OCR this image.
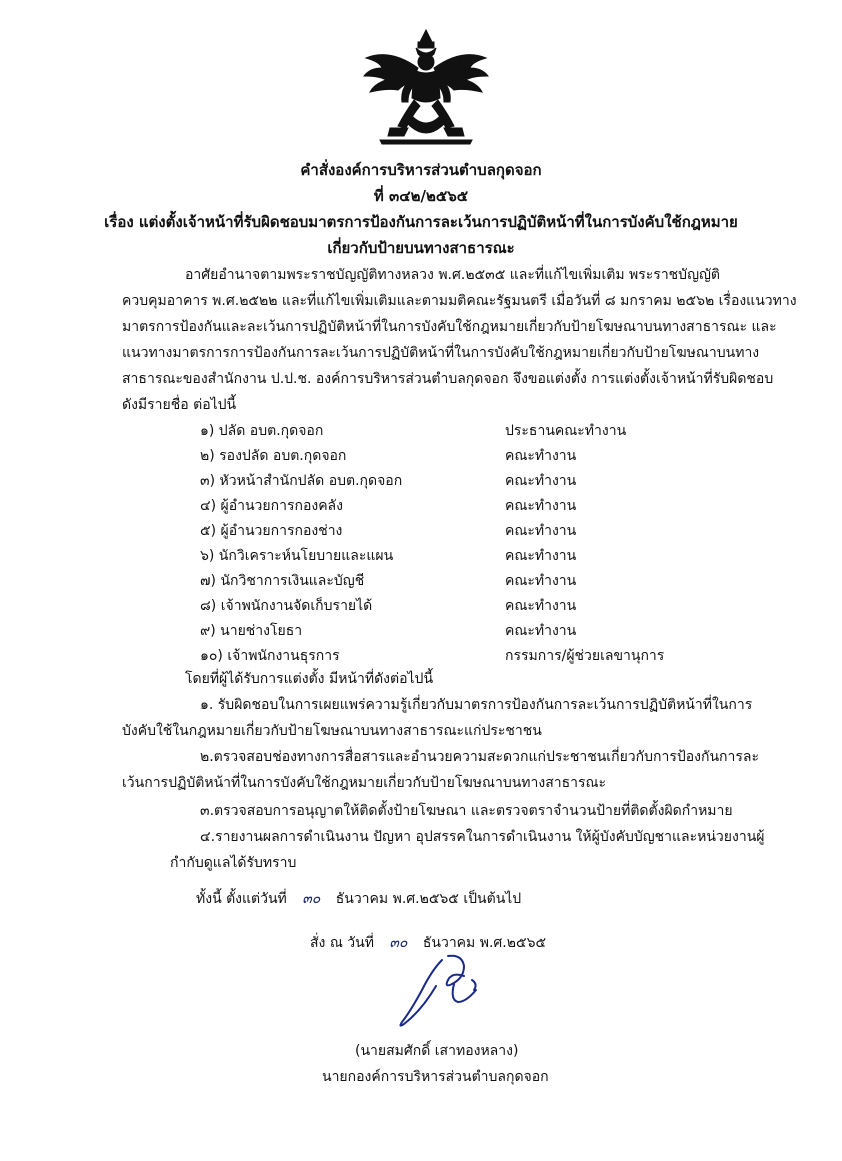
คำสั่งองค์การบริหารส่วนตำบลกุดจอก
ที่ ๓๔๒/๒๕๖๕
เรื่อง แต่งตั้งเจ้าหน้าที่รับผิดชอบมาตรการป้องกันการละเว้นการปฏิบัติหน้าที่ในการบังคับใช้กฎหมาย
เกี่ยวกับป้ายบนทางสาธารณะ
อาศัยอำนาจตามพระราชบัญญัติทางหลวง พ.ศ.๒๕๓๕ และที่แก้ไขเพิ่มเติม พระราชบัญญัติ
ควบคุมอาคาร พ.ศ.๒๕๒๒ และที่แก้ไขเพิ่มเติมและตามมติคณะรัฐมนตรี เมื่อวันที่ ๘ มกราคม ๒๕๖๒ เรื่องแนวทาง
มาตรการป้องกันและละเว้นการปฏิบัติหน้าที่ในการบังคับใช้กฎหมายเกี่ยวกับป้ายโฆษณาบนทางสาธารณะ และ
แนวทางมาตรการการป้องกันการละเว้นการปฏิบัติหน้าที่ในการบังคับใช้กฎหมายเกี่ยวกับป้ายโฆษณาบนทาง
สาธารณะของสำนักงาน ป.ป.ช. องค์การบริหารส่วนตำบลกุดจอก จึงขอแต่งตั้ง การแต่งตั้งเจ้าหน้าที่รับผิดชอบ
ดังมีรายชื่อ ต่อไปนี้
๑) ปลัด อบต.กุดจอก	ประธานคณะทำงาน
๒) รองปลัด อบต.กุดจอก	คณะทำงาน
๓) หัวหน้าสำนักปลัด อบต.กุดจอก	คณะทำงาน
๔) ผู้อำนวยการกองคลัง	คณะทำงาน
๕) ผู้อำนวยการกองช่าง	คณะทำงาน
๖) นักวิเคราะห์นโยบายและแผน	คณะทำงาน
๗) นักวิชาการเงินและบัญชี	คณะทำงาน
๘) เจ้าพนักงานจัดเก็บรายได้	คณะทำงาน
๙) นายช่างโยธา	คณะทำงาน
๑๐) เจ้าพนักงานธุรการ	กรรมการ/ผู้ช่วยเลขานุการ
โดยที่ผู้ได้รับการแต่งตั้ง มีหน้าที่ดังต่อไปนี้
๑. รับผิดชอบในการเผยแพร่ความรู้เกี่ยวกับมาตรการป้องกันการละเว้นการปฏิบัติหน้าที่ในการ
บังคับใช้ในกฎหมายเกี่ยวกับป้ายโฆษณาบนทางสาธารณะแก่ประชาชน
๒.ตรวจสอบช่องทางการสื่อสารและอำนวยความสะดวกแก่ประชาชนเกี่ยวกับการป้องกันการละ
เว้นการปฏิบัติหน้าที่ในการบังคับใช้กฎหมายเกี่ยวกับป้ายโฆษณาบนทางสาธารณะ
๓.ตรวจสอบการอนุญาตให้ติดตั้งป้ายโฆษณา และตรวจตราจำนวนป้ายที่ติดตั้งผิดกำหมาย
๔.รายงานผลการดำเนินงาน ปัญหา อุปสรรคในการดำเนินงาน ให้ผู้บังคับบัญชาและหน่วยงานผู้
กำกับดูแลได้รับทราบ
ทั้งนี้ ตั้งแต่วันที่ ๓๐ ธันวาคม พ.ศ.๒๕๖๕ เป็นต้นไป
สั่ง ณ วันที่ ๓๐ ธันวาคม พ.ศ.๒๕๖๕
(นายสมศักดิ์ เสาทองหลาง)
นายกองค์การบริหารส่วนตำบลกุดจอก
